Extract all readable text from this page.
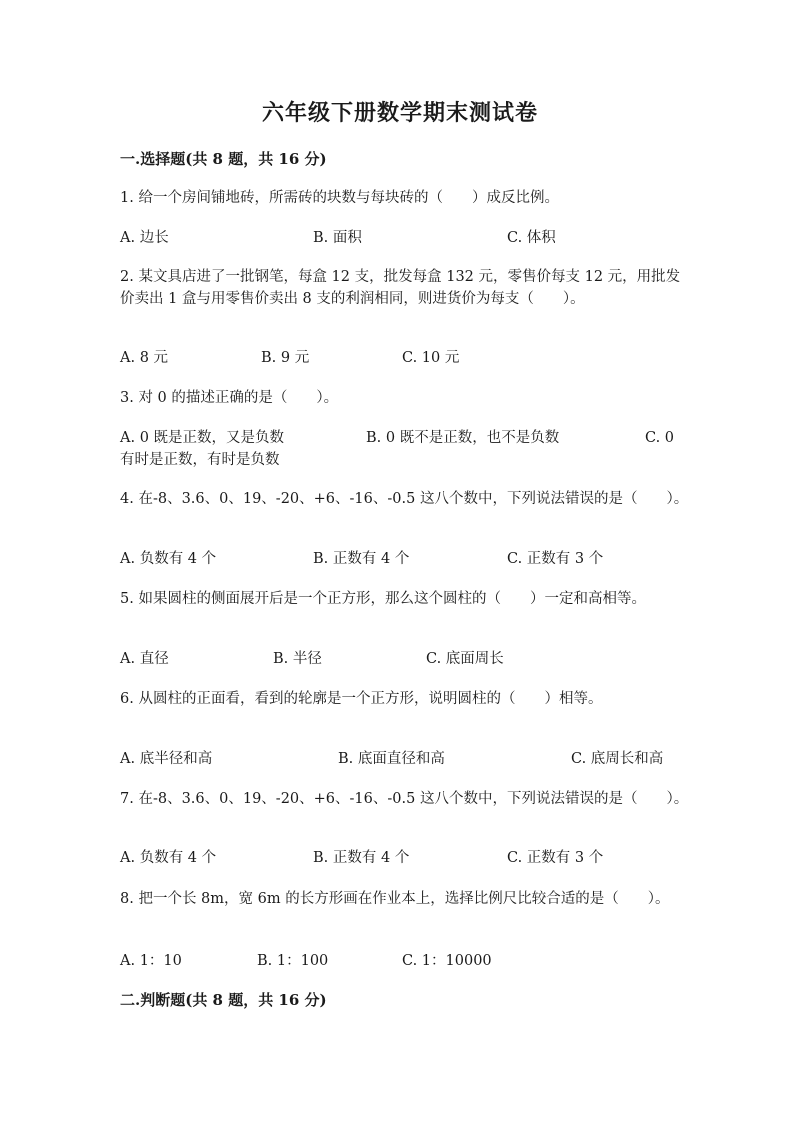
六年级下册数学期末测试卷
一.选择题(共 8 题，共 16 分)
1. 给一个房间铺地砖，所需砖的块数与每块砖的（　　）成反比例。
A. 边长	B. 面积	C. 体积
2. 某文具店进了一批钢笔，每盒 12 支，批发每盒 132 元，零售价每支 12 元，用批发价卖出 1 盒与用零售价卖出 8 支的利润相同，则进货价为每支（　　）。
A. 8 元	B. 9 元	C. 10 元
3. 对 0 的描述正确的是（　　）。
A. 0 既是正数，又是负数	B. 0 既不是正数，也不是负数	C. 0
有时是正数，有时是负数
4. 在-8、3.6、0、19、-20、+6、-16、-0.5 这八个数中，下列说法错误的是（　　）。
A. 负数有 4 个	B. 正数有 4 个	C. 正数有 3 个
5. 如果圆柱的侧面展开后是一个正方形，那么这个圆柱的（　　）一定和高相等。
A. 直径	B. 半径	C. 底面周长
6. 从圆柱的正面看，看到的轮廓是一个正方形，说明圆柱的（　　）相等。
A. 底半径和高	B. 底面直径和高	C. 底周长和高
7. 在-8、3.6、0、19、-20、+6、-16、-0.5 这八个数中，下列说法错误的是（　　）。
A. 负数有 4 个	B. 正数有 4 个	C. 正数有 3 个
8. 把一个长 8m，宽 6m 的长方形画在作业本上，选择比例尺比较合适的是（　　）。
A. 1：10	B. 1：100	C. 1：10000
二.判断题(共 8 题，共 16 分)
